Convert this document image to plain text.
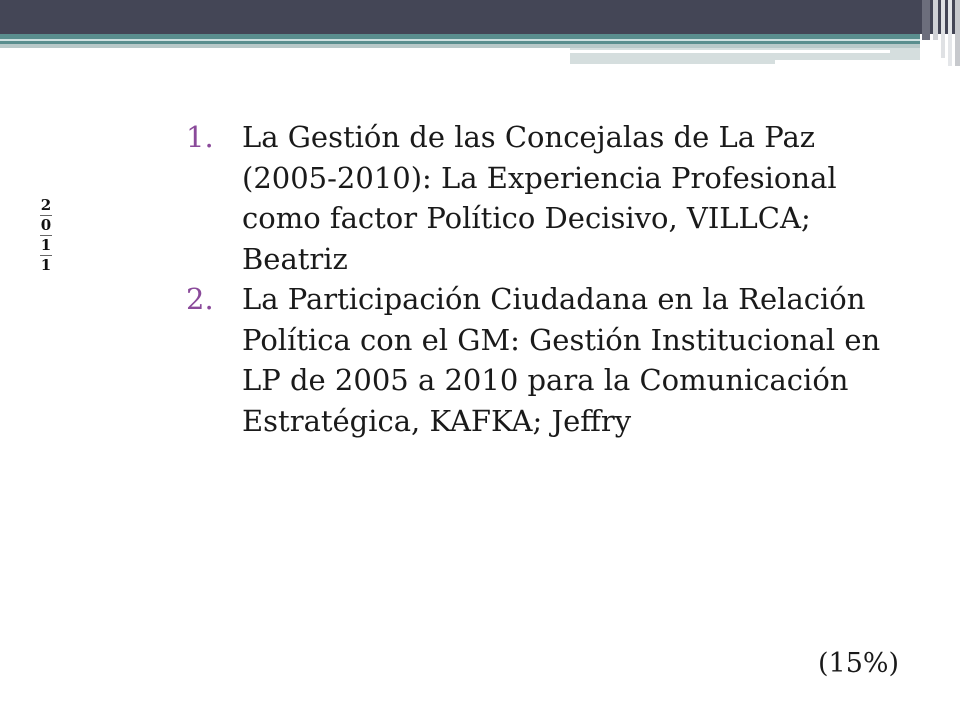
2
0
1
1
1. La Gestión de las Concejalas de La Paz (2005-2010): La Experiencia Profesional como factor Político Decisivo, VILLCA; Beatriz
2. La Participación Ciudadana en la Relación Política con el GM: Gestión Institucional en LP de 2005 a 2010 para la Comunicación Estratégica, KAFKA; Jeffry
(15%)
